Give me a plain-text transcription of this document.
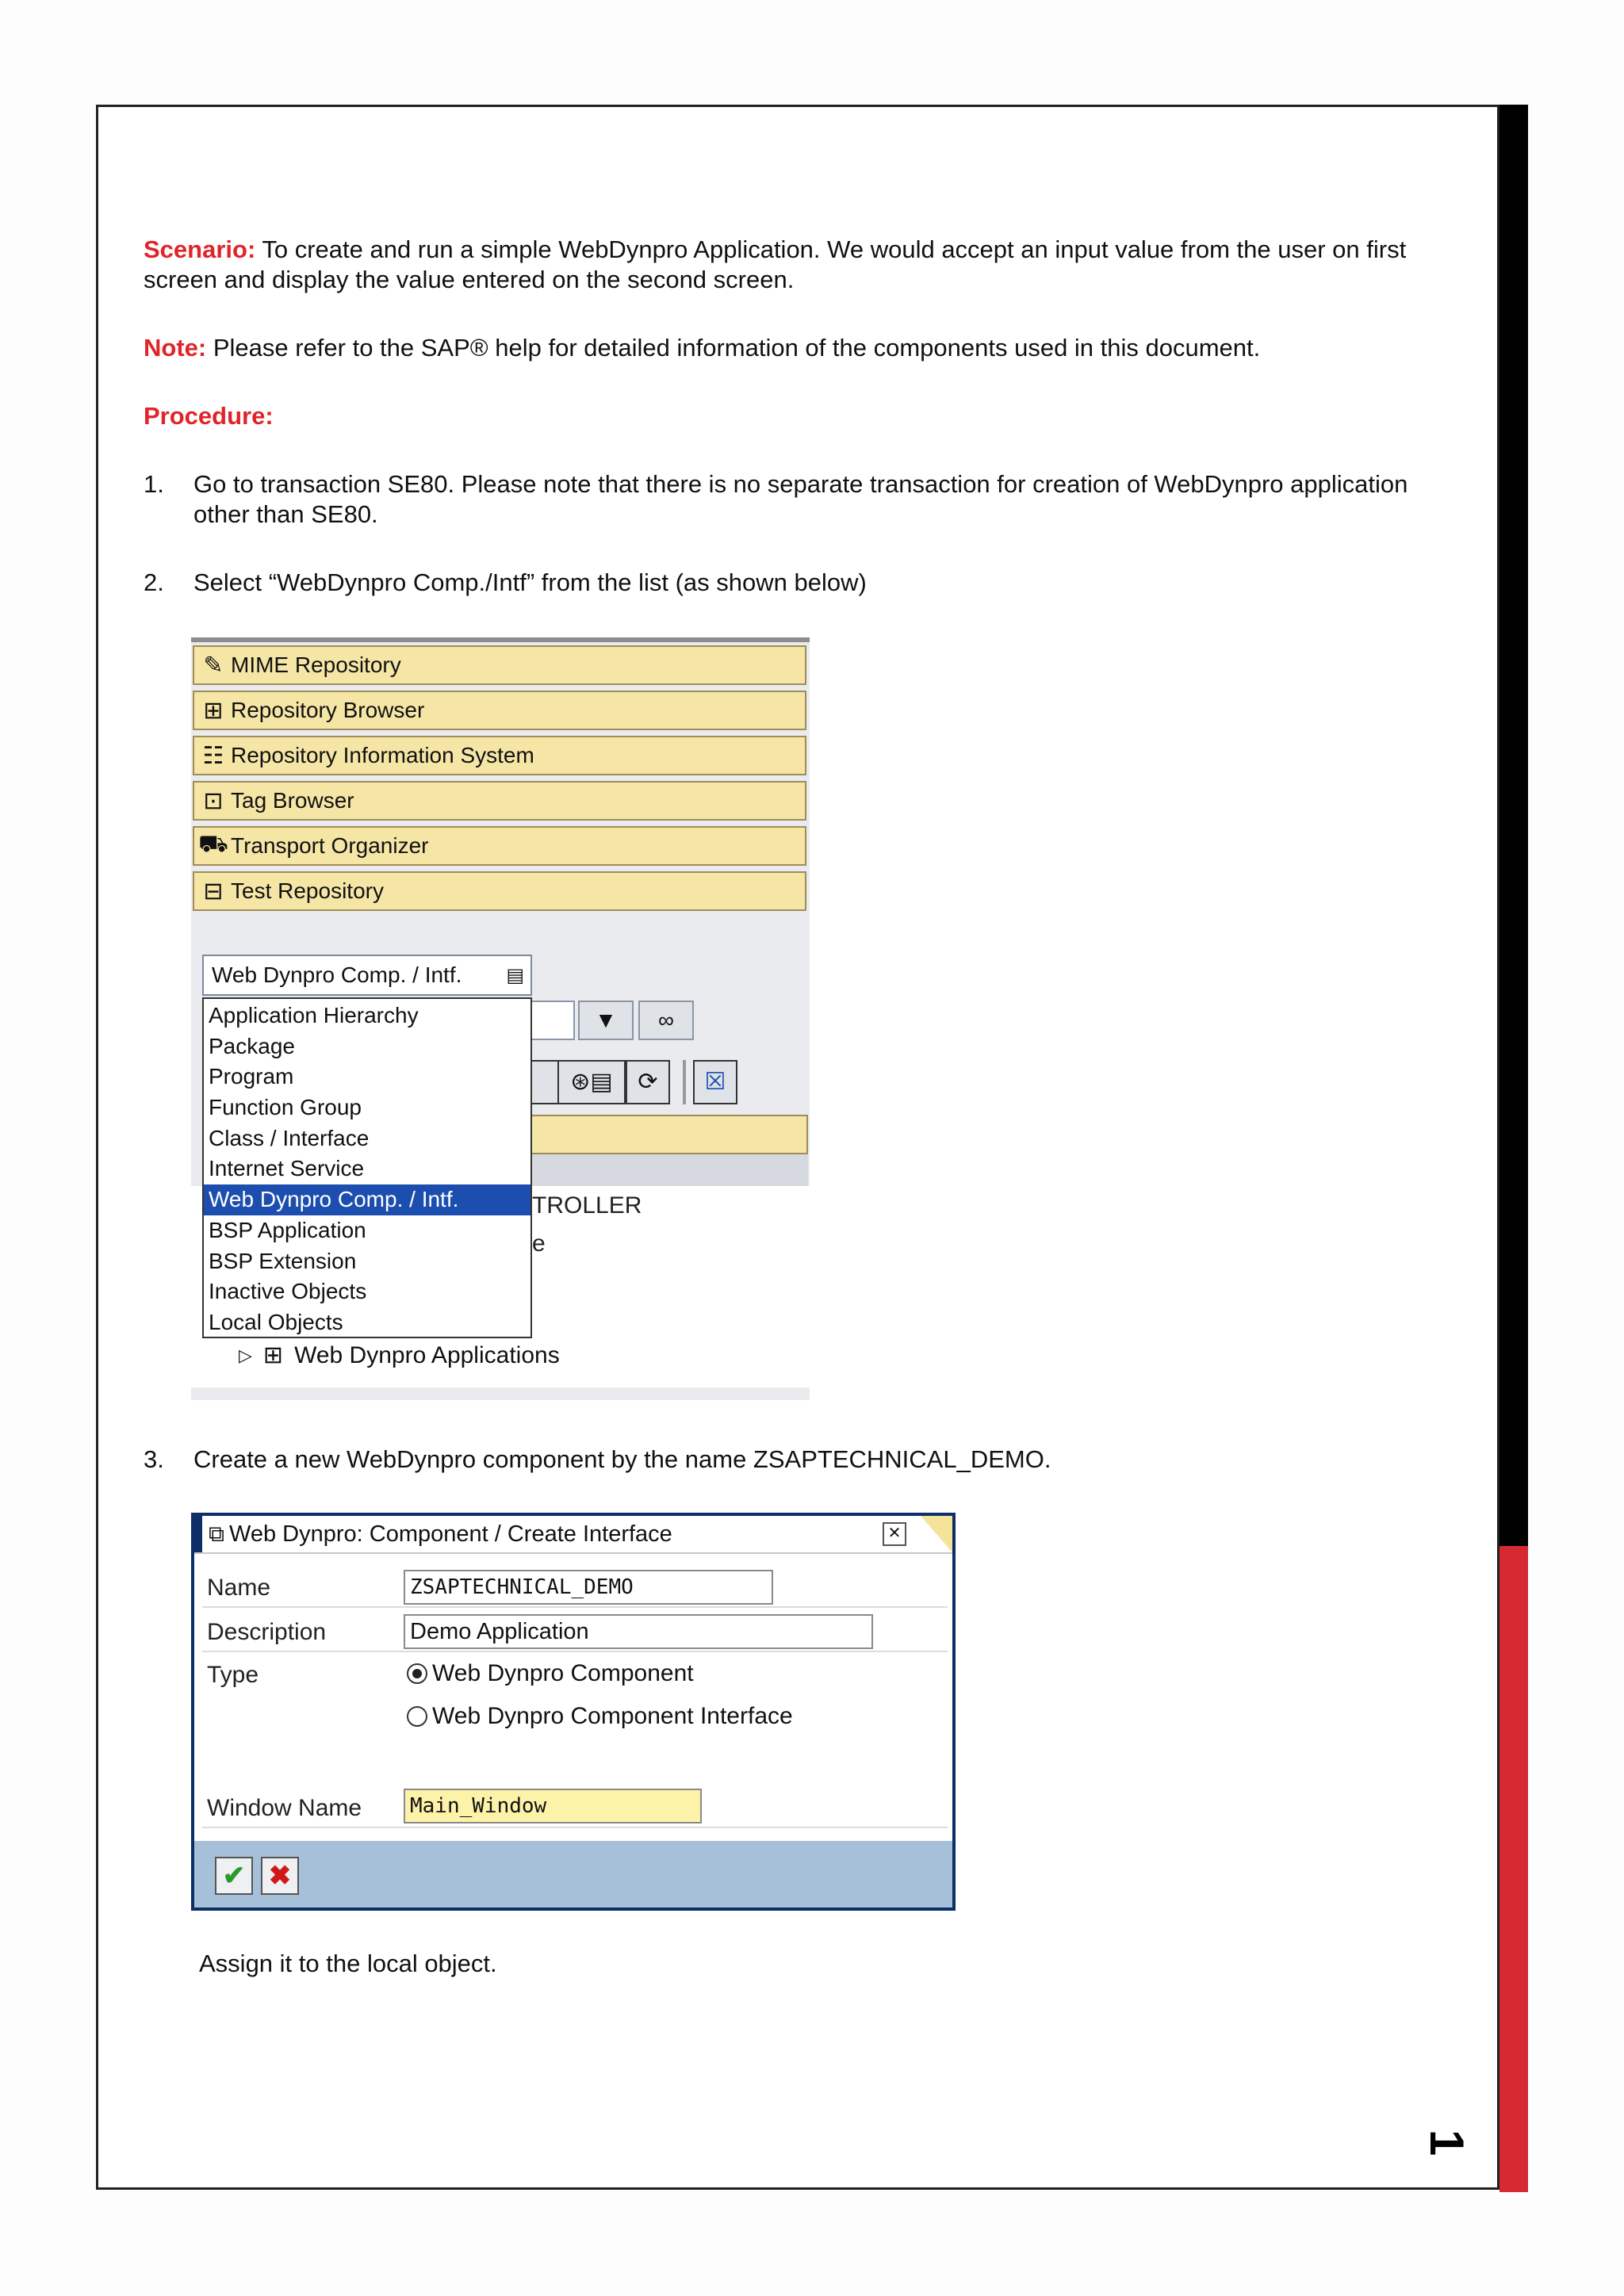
Scenario: To create and run a simple WebDynpro Application. We would accept an input value from the user on first screen and display the value entered on the second screen.

Note: Please refer to the SAP® help for detailed information of the components used in this document.

Procedure:

1. Go to transaction SE80. Please note that there is no separate transaction for creation of WebDynpro application
other than SE80.

2. Select “WebDynpro Comp./Intf” from the list (as shown below)

✎ MIME Repository
⊞ Repository Browser
☷ Repository Information System
⊡ Tag Browser
⛟ Transport Organizer
⊟ Test Repository
Web Dynpro Comp. / Intf. ▤
▼	∞
⊛▤	⟳	☒
TROLLER
e
▷ ⊞ Web Dynpro Applications
Application Hierarchy
Package
Program
Function Group
Class / Interface
Internet Service
Web Dynpro Comp. / Intf.
BSP Application
BSP Extension
Inactive Objects
Local Objects
3. Create a new WebDynpro component by the name ZSAPTECHNICAL_DEMO.

⧉ Web Dynpro: Component / Create Interface	✕
Name	ZSAPTECHNICAL_DEMO
Description	Demo Application
Type	Web Dynpro Component
Web Dynpro Component Interface
Window Name	Main_Window
✔ ✖

Assign it to the local object.

1
